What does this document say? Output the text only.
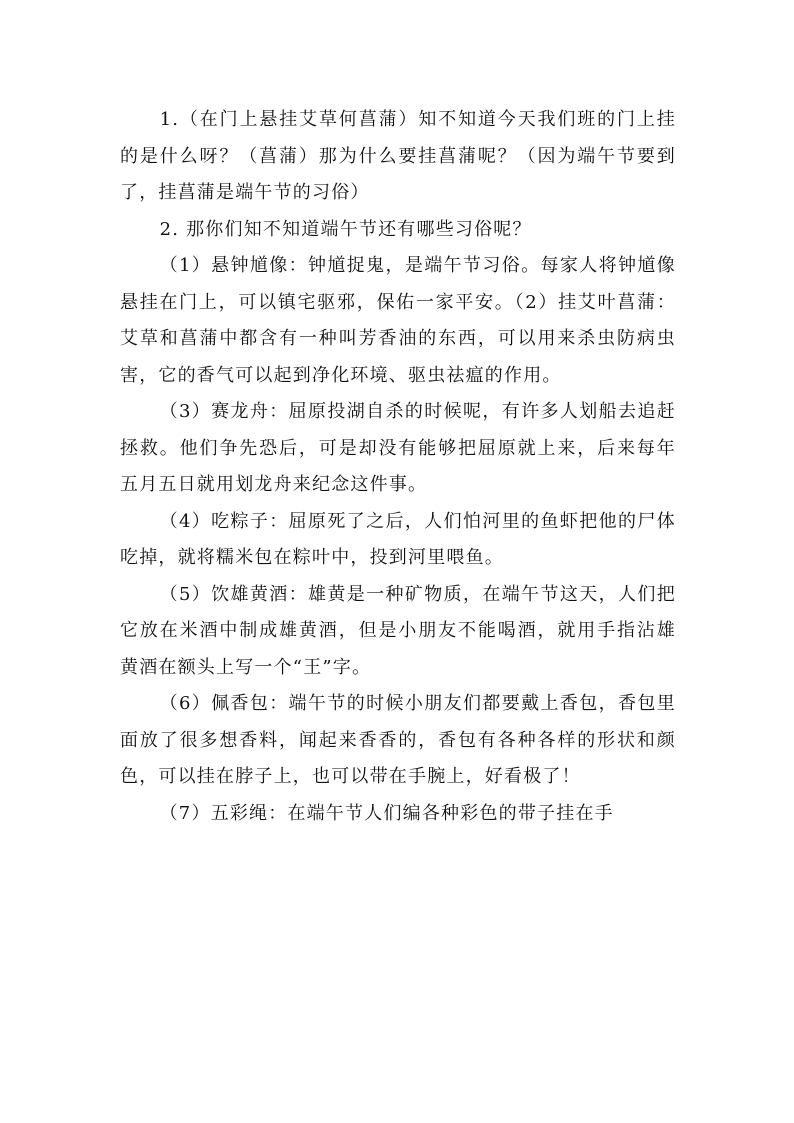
1.（在门上悬挂艾草何菖蒲）知不知道今天我们班的门上挂的是什么呀？（菖蒲）那为什么要挂菖蒲呢？（因为端午节要到了，挂菖蒲是端午节的习俗）

2. 那你们知不知道端午节还有哪些习俗呢？

（1）悬钟馗像：钟馗捉鬼，是端午节习俗。每家人将钟馗像悬挂在门上，可以镇宅驱邪，保佑一家平安。（2）挂艾叶菖蒲：艾草和菖蒲中都含有一种叫芳香油的东西，可以用来杀虫防病虫害，它的香气可以起到净化环境、驱虫祛瘟的作用。

（3）赛龙舟：屈原投湖自杀的时候呢，有许多人划船去追赶拯救。他们争先恐后，可是却没有能够把屈原就上来，后来每年五月五日就用划龙舟来纪念这件事。

（4）吃粽子：屈原死了之后，人们怕河里的鱼虾把他的尸体吃掉，就将糯米包在粽叶中，投到河里喂鱼。

（5）饮雄黄酒：雄黄是一种矿物质，在端午节这天，人们把它放在米酒中制成雄黄酒，但是小朋友不能喝酒，就用手指沾雄黄酒在额头上写一个“王”字。

（6）佩香包：端午节的时候小朋友们都要戴上香包，香包里面放了很多想香料，闻起来香香的，香包有各种各样的形状和颜色，可以挂在脖子上，也可以带在手腕上，好看极了！

（7）五彩绳：在端午节人们编各种彩色的带子挂在手
